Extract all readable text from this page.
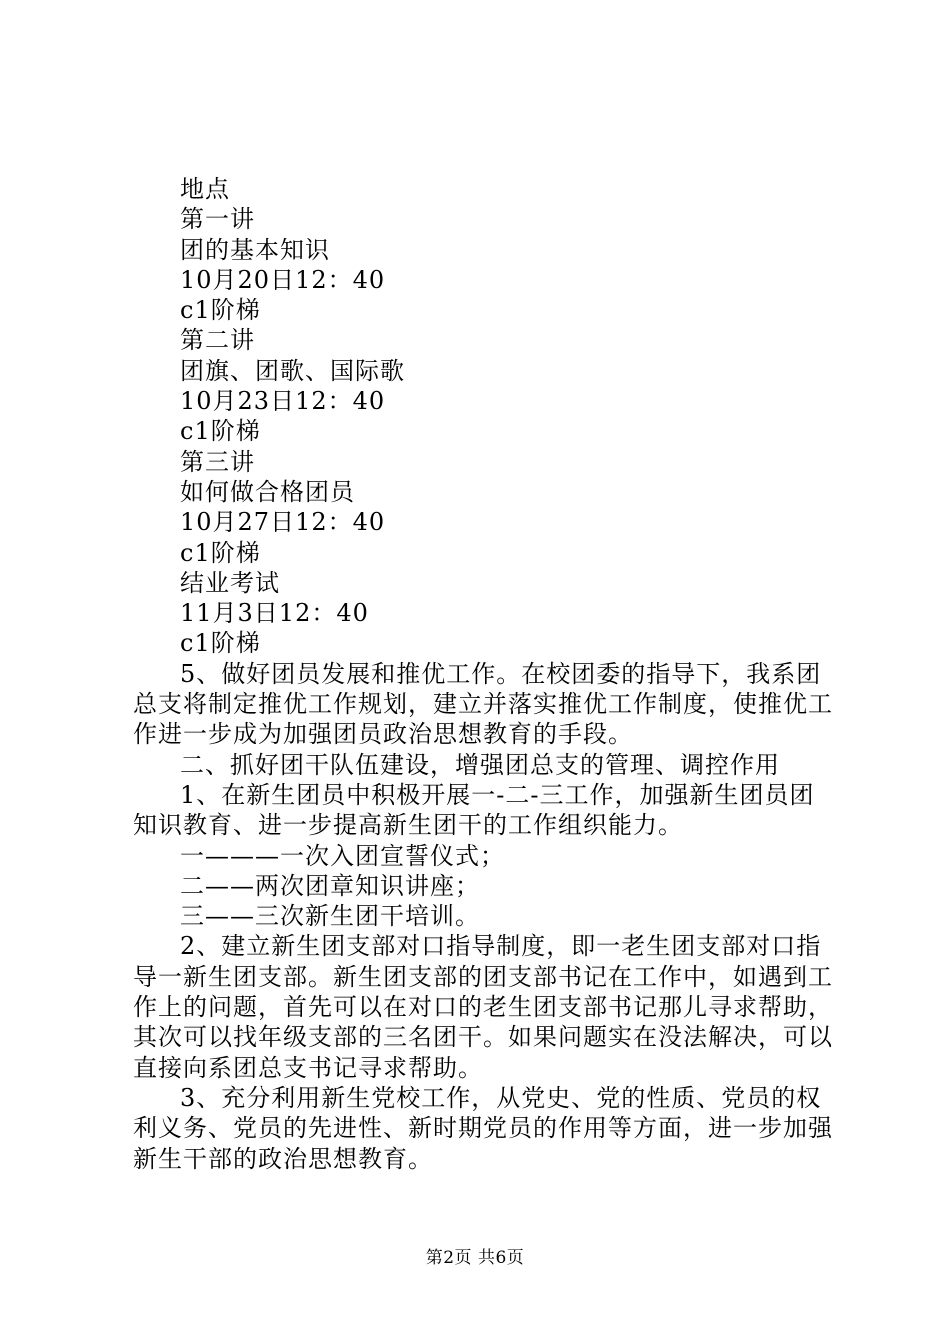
地点
第一讲
团的基本知识
10月20日12：40
c1阶梯
第二讲
团旗、团歌、国际歌
10月23日12：40
c1阶梯
第三讲
如何做合格团员
10月27日12：40
c1阶梯
结业考试
11月3日12：40
c1阶梯

5、做好团员发展和推优工作。在校团委的指导下，我系团总支将制定推优工作规划，建立并落实推优工作制度，使推优工作进一步成为加强团员政治思想教育的手段。

二、抓好团干队伍建设，增强团总支的管理、调控作用

1、在新生团员中积极开展一-二-三工作，加强新生团员团知识教育、进一步提高新生团干的工作组织能力。

一———一次入团宣誓仪式；
二——两次团章知识讲座；
三——三次新生团干培训。

2、建立新生团支部对口指导制度，即一老生团支部对口指导一新生团支部。新生团支部的团支部书记在工作中，如遇到工作上的问题，首先可以在对口的老生团支部书记那儿寻求帮助，其次可以找年级支部的三名团干。如果问题实在没法解决，可以直接向系团总支书记寻求帮助。

3、充分利用新生党校工作，从党史、党的性质、党员的权利义务、党员的先进性、新时期党员的作用等方面，进一步加强新生干部的政治思想教育。

第2页 共6页
